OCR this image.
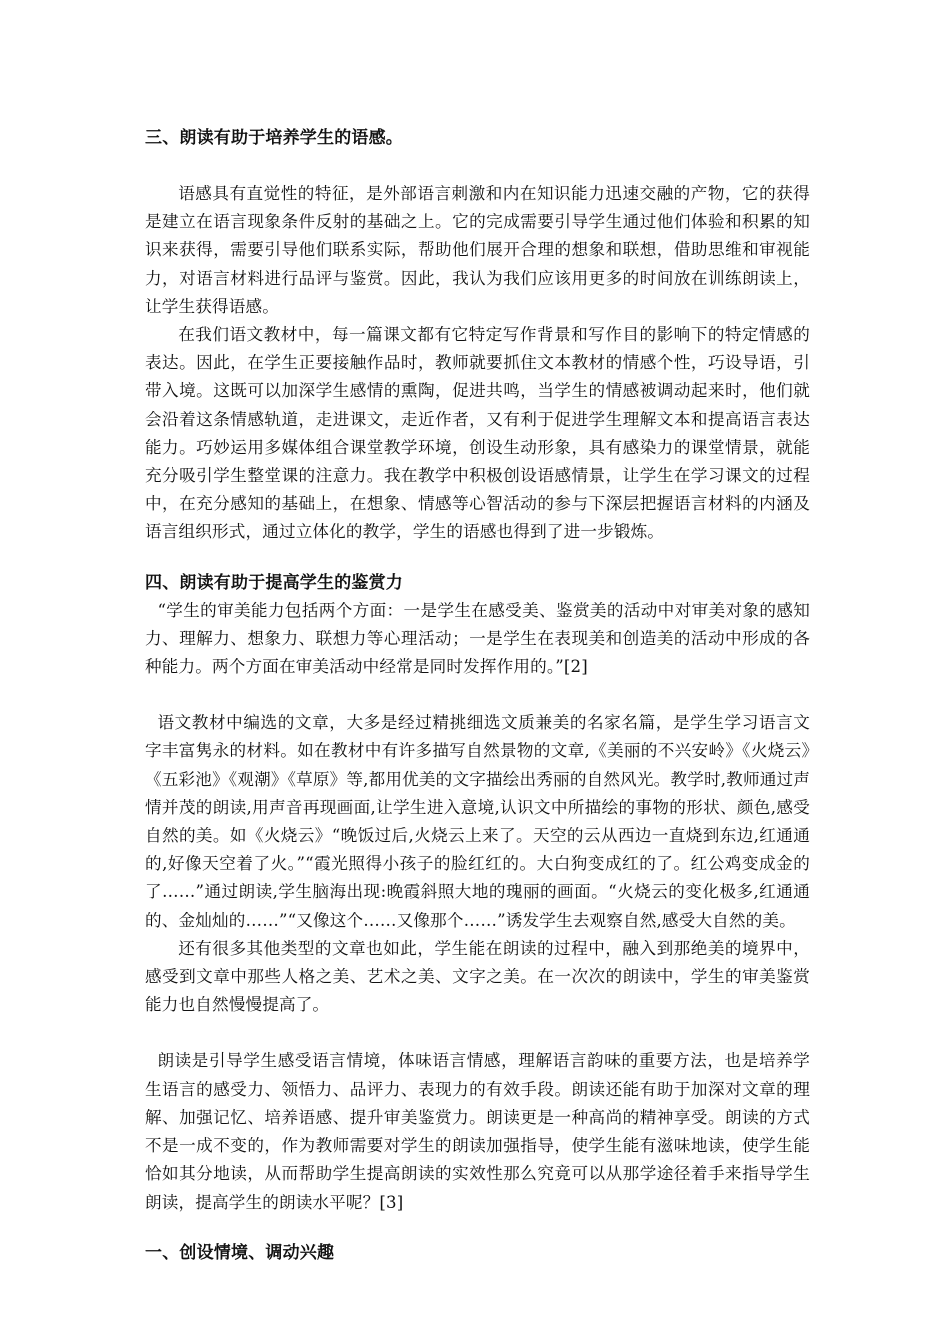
三、朗读有助于培养学生的语感。

语感具有直觉性的特征，是外部语言刺激和内在知识能力迅速交融的产物，它的获得是建立在语言现象条件反射的基础之上。它的完成需要引导学生通过他们体验和积累的知识来获得，需要引导他们联系实际，帮助他们展开合理的想象和联想，借助思维和审视能力，对语言材料进行品评与鉴赏。因此，我认为我们应该用更多的时间放在训练朗读上，让学生获得语感。

在我们语文教材中，每一篇课文都有它特定写作背景和写作目的影响下的特定情感的表达。因此，在学生正要接触作品时，教师就要抓住文本教材的情感个性，巧设导语，引带入境。这既可以加深学生感情的熏陶，促进共鸣，当学生的情感被调动起来时，他们就会沿着这条情感轨道，走进课文，走近作者，又有利于促进学生理解文本和提高语言表达能力。巧妙运用多媒体组合课堂教学环境，创设生动形象，具有感染力的课堂情景，就能充分吸引学生整堂课的注意力。我在教学中积极创设语感情景，让学生在学习课文的过程中，在充分感知的基础上，在想象、情感等心智活动的参与下深层把握语言材料的内涵及语言组织形式，通过立体化的教学，学生的语感也得到了进一步锻炼。

四、朗读有助于提高学生的鉴赏力

“学生的审美能力包括两个方面：一是学生在感受美、鉴赏美的活动中对审美对象的感知力、理解力、想象力、联想力等心理活动；一是学生在表现美和创造美的活动中形成的各种能力。两个方面在审美活动中经常是同时发挥作用的。”[2]

语文教材中编选的文章，大多是经过精挑细选文质兼美的名家名篇，是学生学习语言文字丰富隽永的材料。如在教材中有许多描写自然景物的文章,《美丽的不兴安岭》《火烧云》《五彩池》《观潮》《草原》等,都用优美的文字描绘出秀丽的自然风光。教学时,教师通过声情并茂的朗读,用声音再现画面,让学生进入意境,认识文中所描绘的事物的形状、颜色,感受自然的美。如《火烧云》“晚饭过后,火烧云上来了。天空的云从西边一直烧到东边,红通通的,好像天空着了火。”“霞光照得小孩子的脸红红的。大白狗变成红的了。红公鸡变成金的了……”通过朗读,学生脑海出现:晚霞斜照大地的瑰丽的画面。“火烧云的变化极多,红通通的、金灿灿的……”“又像这个……又像那个……”诱发学生去观察自然,感受大自然的美。

还有很多其他类型的文章也如此，学生能在朗读的过程中，融入到那绝美的境界中，感受到文章中那些人格之美、艺术之美、文字之美。在一次次的朗读中，学生的审美鉴赏能力也自然慢慢提高了。

朗读是引导学生感受语言情境，体味语言情感，理解语言韵味的重要方法，也是培养学生语言的感受力、领悟力、品评力、表现力的有效手段。朗读还能有助于加深对文章的理解、加强记忆、培养语感、提升审美鉴赏力。朗读更是一种高尚的精神享受。朗读的方式不是一成不变的，作为教师需要对学生的朗读加强指导，使学生能有滋味地读，使学生能恰如其分地读，从而帮助学生提高朗读的实效性那么究竟可以从那学途径着手来指导学生朗读，提高学生的朗读水平呢？[3]

一、创设情境、调动兴趣
